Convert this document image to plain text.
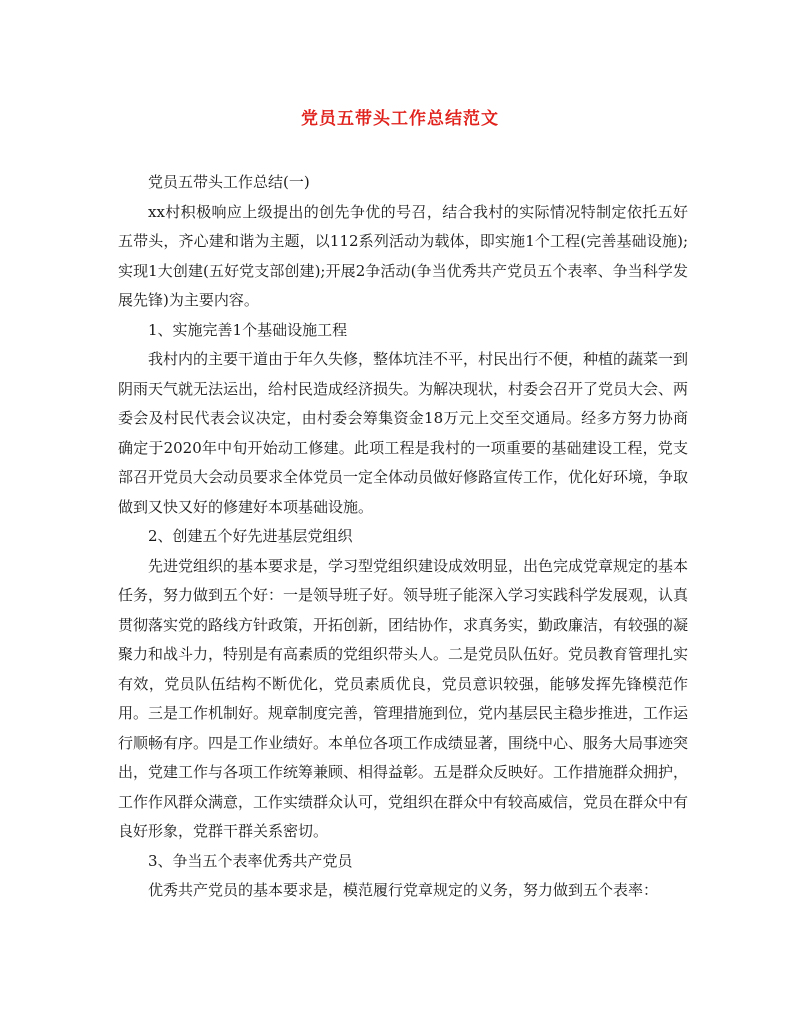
党员五带头工作总结范文

党员五带头工作总结(一)

xx村积极响应上级提出的创先争优的号召，结合我村的实际情况特制定依托五好五带头，齐心建和谐为主题，以112系列活动为载体，即实施1个工程(完善基础设施);实现1大创建(五好党支部创建);开展2争活动(争当优秀共产党员五个表率、争当科学发展先锋)为主要内容。

1、实施完善1个基础设施工程

我村内的主要干道由于年久失修，整体坑洼不平，村民出行不便，种植的蔬菜一到阴雨天气就无法运出，给村民造成经济损失。为解决现状，村委会召开了党员大会、两委会及村民代表会议决定，由村委会筹集资金18万元上交至交通局。经多方努力协商确定于2020年中旬开始动工修建。此项工程是我村的一项重要的基础建设工程，党支部召开党员大会动员要求全体党员一定全体动员做好修路宣传工作，优化好环境，争取做到又快又好的修建好本项基础设施。

2、创建五个好先进基层党组织

先进党组织的基本要求是，学习型党组织建设成效明显，出色完成党章规定的基本任务，努力做到五个好：一是领导班子好。领导班子能深入学习实践科学发展观，认真贯彻落实党的路线方针政策，开拓创新，团结协作，求真务实，勤政廉洁，有较强的凝聚力和战斗力，特别是有高素质的党组织带头人。二是党员队伍好。党员教育管理扎实有效，党员队伍结构不断优化，党员素质优良，党员意识较强，能够发挥先锋模范作用。三是工作机制好。规章制度完善，管理措施到位，党内基层民主稳步推进，工作运行顺畅有序。四是工作业绩好。本单位各项工作成绩显著，围绕中心、服务大局事迹突出，党建工作与各项工作统筹兼顾、相得益彰。五是群众反映好。工作措施群众拥护，工作作风群众满意，工作实绩群众认可，党组织在群众中有较高威信，党员在群众中有良好形象，党群干群关系密切。

3、争当五个表率优秀共产党员

优秀共产党员的基本要求是，模范履行党章规定的义务，努力做到五个表率：
